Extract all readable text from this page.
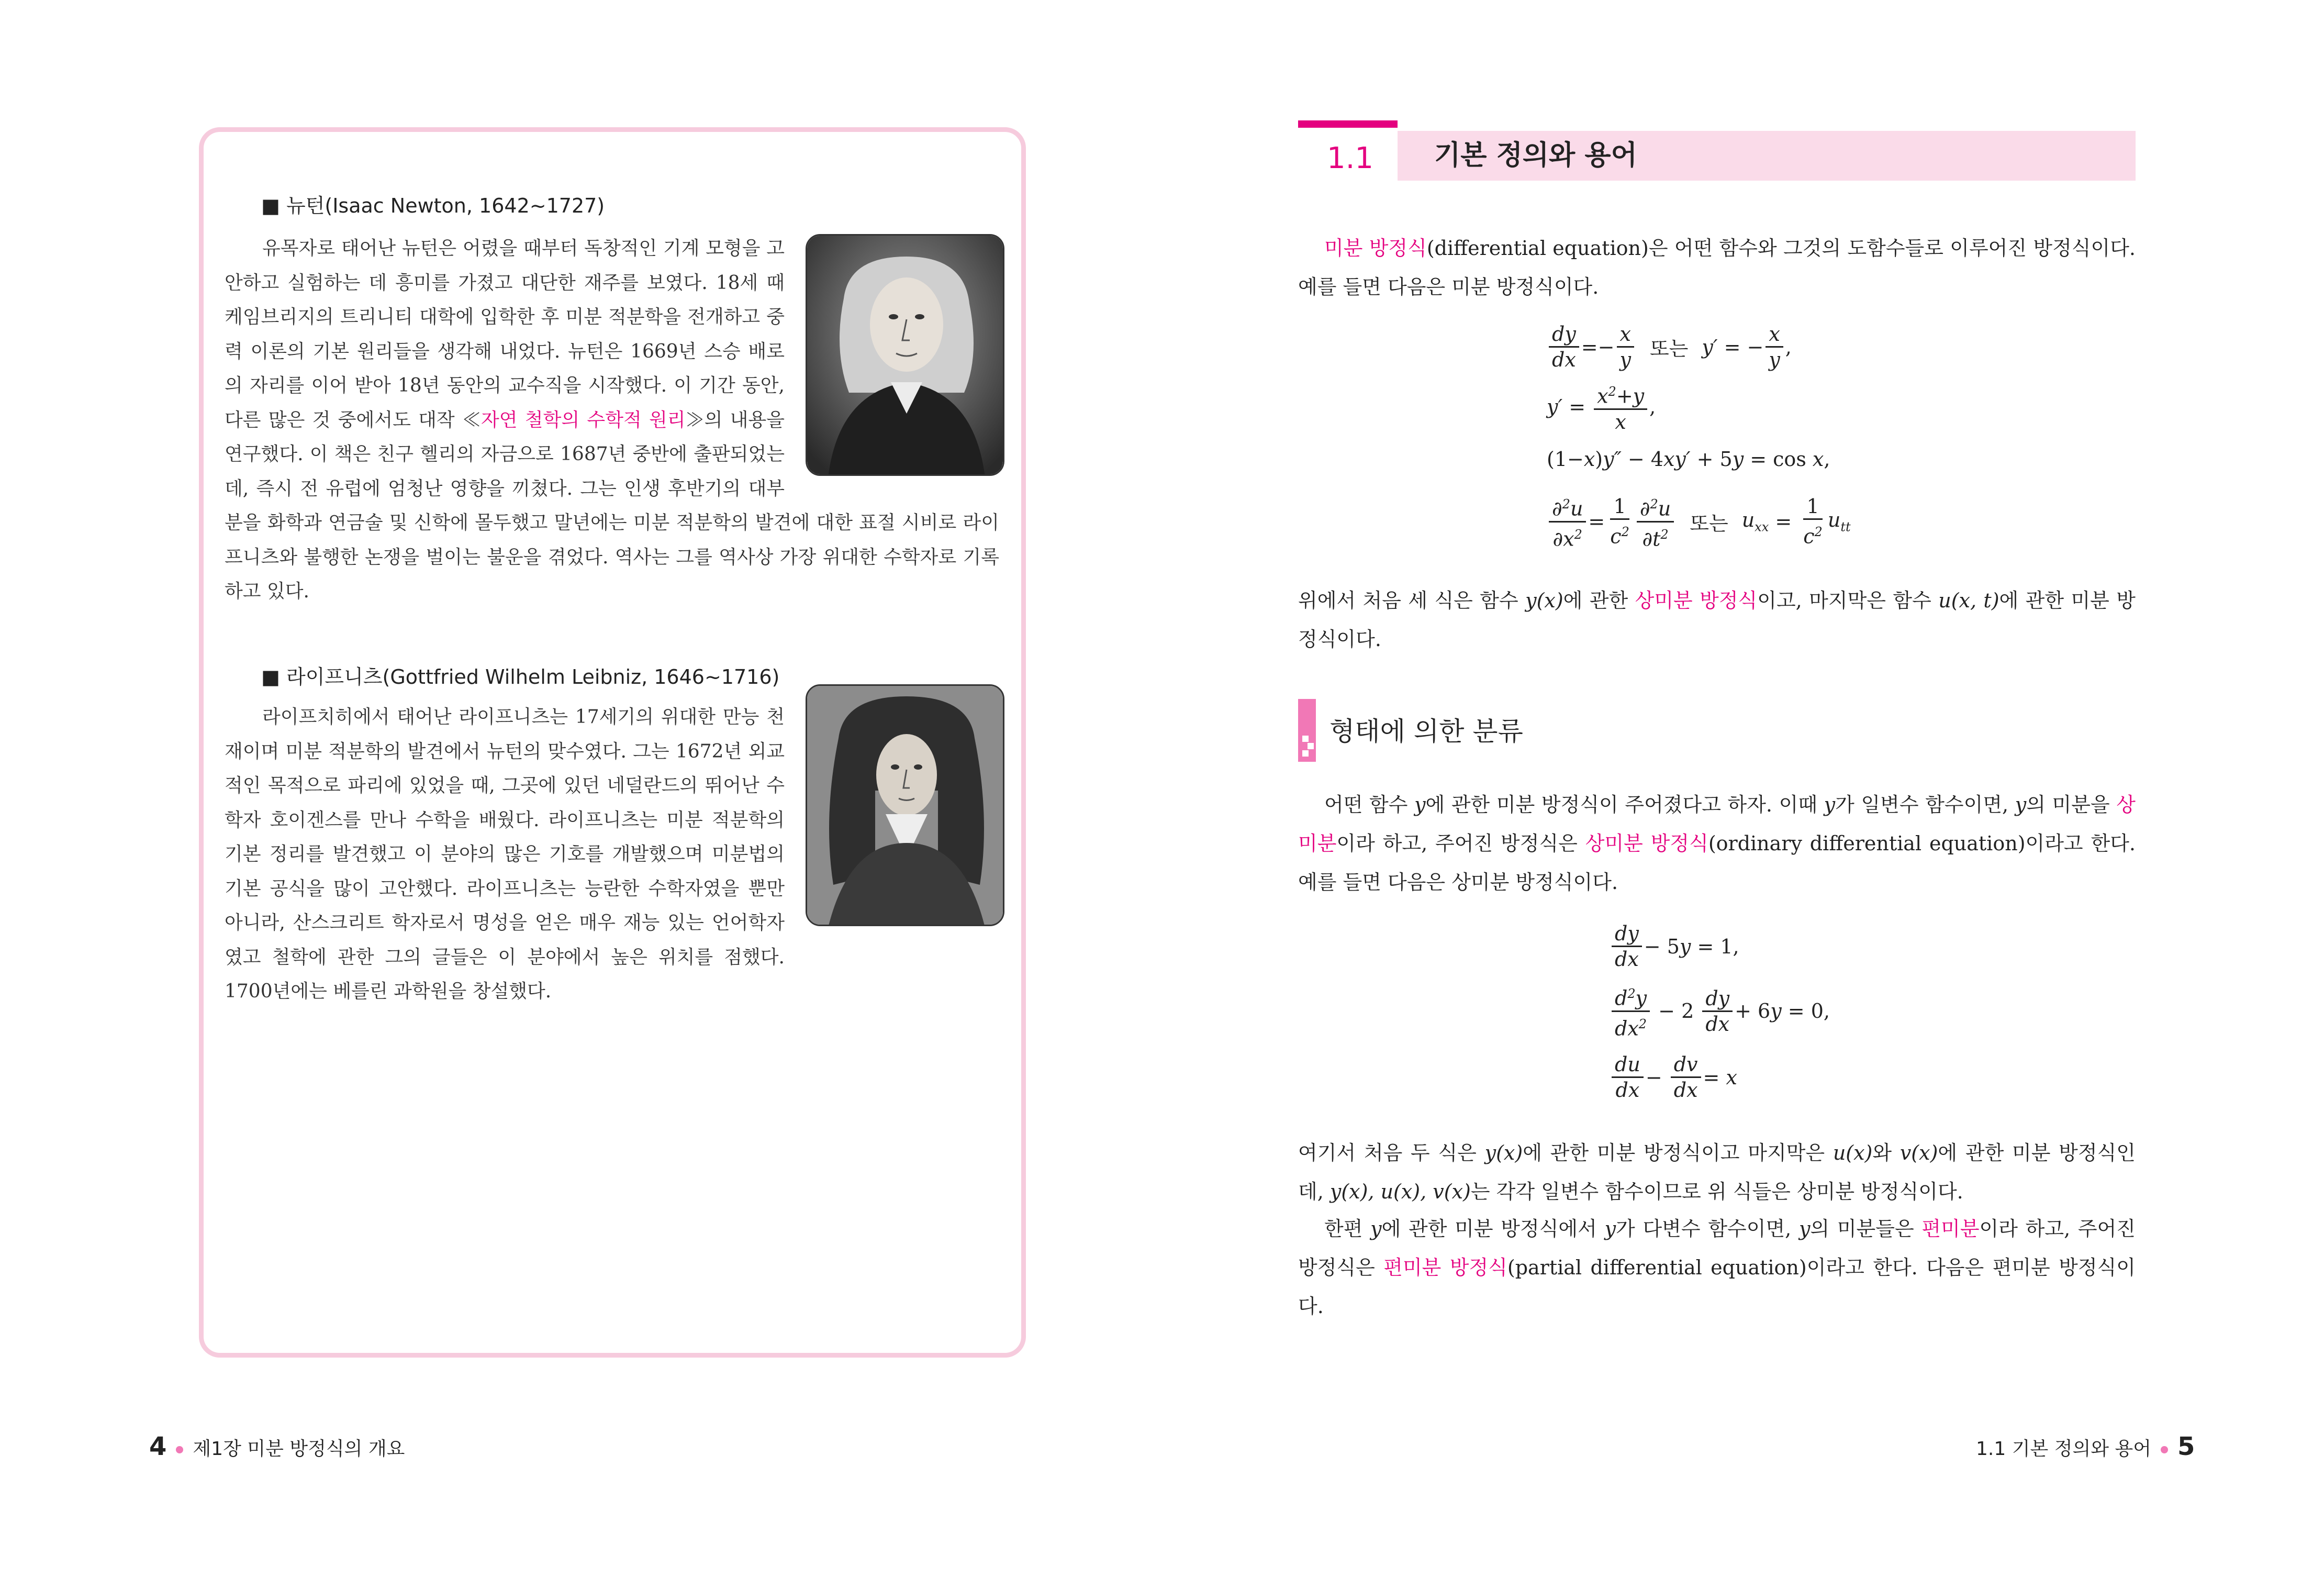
■ 뉴턴(Isaac Newton, 1642~1727)

유목자로 태어난 뉴턴은 어렸을 때부터 독창적인 기계 모형을 고안하고 실험하는 데 흥미를 가졌고 대단한 재주를 보였다. 18세 때 케임브리지의 트리니티 대학에 입학한 후 미분 적분학을 전개하고 중력 이론의 기본 원리들을 생각해 내었다. 뉴턴은 1669년 스승 배로의 자리를 이어 받아 18년 동안의 교수직을 시작했다. 이 기간 동안, 다른 많은 것 중에서도 대작 ≪자연 철학의 수학적 원리≫의 내용을 연구했다. 이 책은 친구 헬리의 자금으로 1687년 중반에 출판되었는데, 즉시 전 유럽에 엄청난 영향을 끼쳤다. 그는 인생 후반기의 대부분을 화학과 연금술 및 신학에 몰두했고 말년에는 미분 적분학의 발견에 대한 표절 시비로 라이프니츠와 불행한 논쟁을 벌이는 불운을 겪었다. 역사는 그를 역사상 가장 위대한 수학자로 기록하고 있다.

■ 라이프니츠(Gottfried Wilhelm Leibniz, 1646~1716)

라이프치히에서 태어난 라이프니츠는 17세기의 위대한 만능 천재이며 미분 적분학의 발견에서 뉴턴의 맞수였다. 그는 1672년 외교적인 목적으로 파리에 있었을 때, 그곳에 있던 네덜란드의 뛰어난 수학자 호이겐스를 만나 수학을 배웠다. 라이프니츠는 미분 적분학의 기본 정리를 발견했고 이 분야의 많은 기호를 개발했으며 미분법의 기본 공식을 많이 고안했다. 라이프니츠는 능란한 수학자였을 뿐만 아니라, 산스크리트 학자로서 명성을 얻은 매우 재능 있는 언어학자였고 철학에 관한 그의 글들은 이 분야에서 높은 위치를 점했다. 1700년에는 베를린 과학원을 창설했다.

4 제1장 미분 방정식의 개요
1.1	기본 정의와 용어

미분 방정식(differential equation)은 어떤 함수와 그것의 도함수들로 이루어진 방정식이다. 예를 들면 다음은 미분 방정식이다.

$\frac{dy}{dx} =- \frac{x}{y}$ 또는 y′ = − $\frac{x}{y}$ ,
$y' = \frac{x^2+y}{x}$ ,
(1− x ) y″ − 4 xy′ + 5 y = cos x ,
$\frac{\partial^2u}{\partial x^2} = \frac{1}{c^2} \frac{\partial^2u}{\partial t^2}$ 또는 $u_{xx} = \frac{1}{c^2} u_{tt}$

위에서 처음 세 식은 함수 y(x)에 관한 상미분 방정식이고, 마지막은 함수 u(x, t)에 관한 미분 방정식이다.

형태에 의한 분류

어떤 함수 y에 관한 미분 방정식이 주어졌다고 하자. 이때 y가 일변수 함수이면, y의 미분을 상미분이라 하고, 주어진 방정식은 상미분 방정식(ordinary differential equation)이라고 한다. 예를 들면 다음은 상미분 방정식이다.

$\frac{dy}{dx} - 5$ y = 1,
$\frac{d^2y}{dx^2} - 2 \frac{dy}{dx} + 6$ y = 0,
$\frac{du}{dx} - \frac{dv}{dx} = x$

여기서 처음 두 식은 y(x)에 관한 미분 방정식이고 마지막은 u(x)와 v(x)에 관한 미분 방정식인데, y(x), u(x), v(x)는 각각 일변수 함수이므로 위 식들은 상미분 방정식이다.

한편 y에 관한 미분 방정식에서 y가 다변수 함수이면, y의 미분들은 편미분이라 하고, 주어진 방정식은 편미분 방정식(partial differential equation)이라고 한다. 다음은 편미분 방정식이다.

1.1 기본 정의와 용어 5
